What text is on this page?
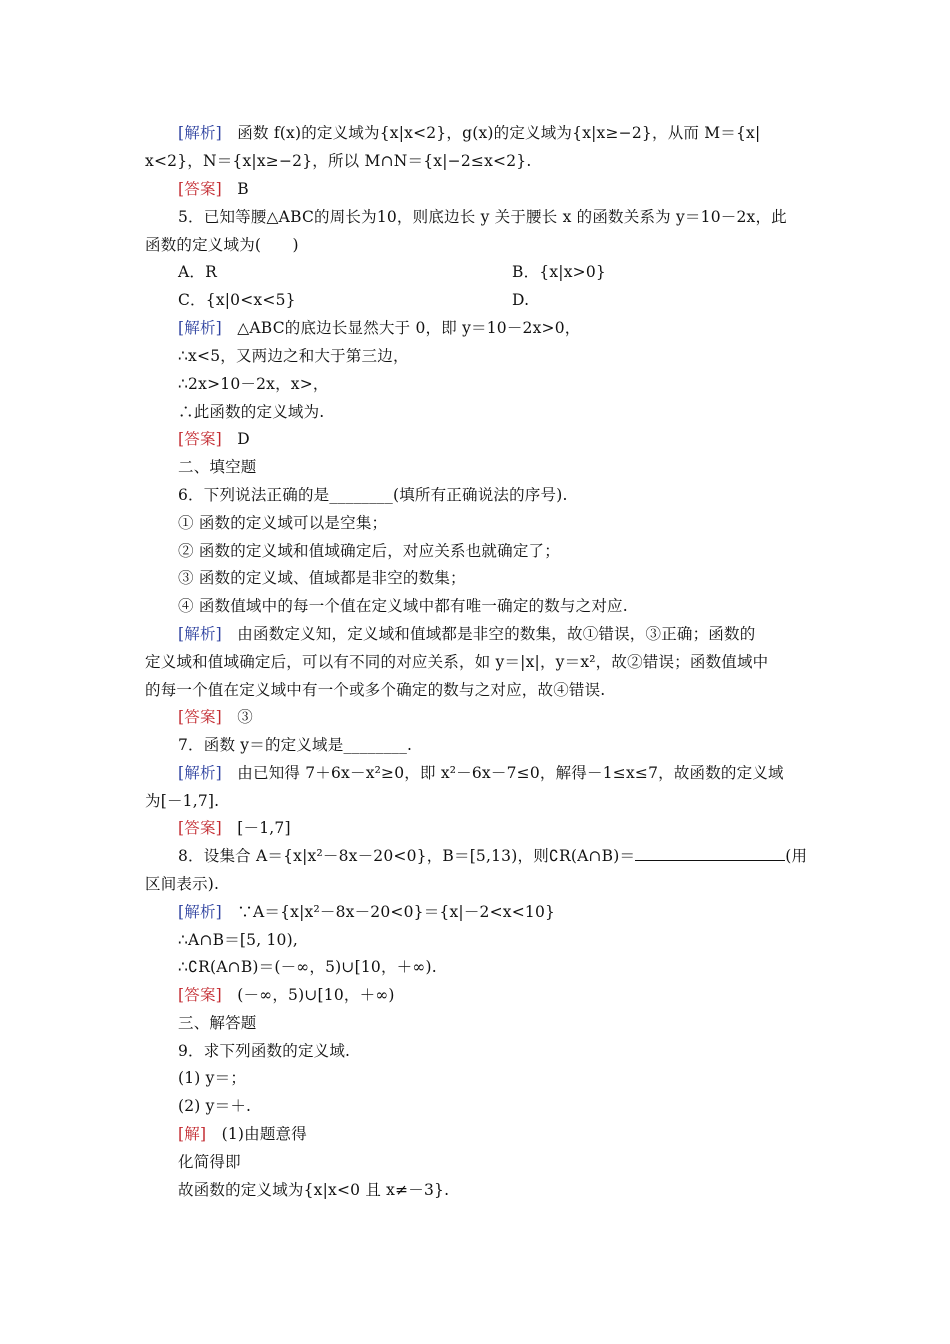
[解析] 函数 f(x)的定义域为{x|x<2}，g(x)的定义域为{x|x≥−2}，从而 M＝{x|
x<2}，N＝{x|x≥−2}，所以 M∩N＝{x|−2≤x<2}.
[答案] B
5．已知等腰△ABC的周长为10，则底边长 y 关于腰长 x 的函数关系为 y＝10－2x，此
函数的定义域为(　　)
A．R	B．{x|x>0}
C．{x|0<x<5}	D.
[解析] △ABC的底边长显然大于 0，即 y＝10－2x>0，
∴x<5，又两边之和大于第三边，
∴2x>10－2x，x>，
∴此函数的定义域为.
[答案] D
二、填空题
6．下列说法正确的是________(填所有正确说法的序号).
① 函数的定义域可以是空集；
② 函数的定义域和值域确定后，对应关系也就确定了；
③ 函数的定义域、值域都是非空的数集；
④ 函数值域中的每一个值在定义域中都有唯一确定的数与之对应.
[解析] 由函数定义知，定义域和值域都是非空的数集，故①错误，③正确；函数的
定义域和值域确定后，可以有不同的对应关系，如 y＝|x|，y＝x²，故②错误；函数值域中
的每一个值在定义域中有一个或多个确定的数与之对应，故④错误.
[答案] ③
7．函数 y＝的定义域是________.
[解析] 由已知得 7＋6x－x²≥0，即 x²－6x－7≤0，解得－1≤x≤7，故函数的定义域
为[－1,7].
[答案] [－1,7]
8．设集合 A＝{x|x²－8x－20<0}，B＝[5,13)，则∁R(A∩B)＝	(用
区间表示).
[解析] ∵A＝{x|x²－8x－20<0}＝{x|－2<x<10}
∴A∩B＝[5, 10),
∴∁R(A∩B)＝(－∞，5)∪[10，＋∞).
[答案] (－∞，5)∪[10，＋∞)
三、解答题
9．求下列函数的定义域.
(1) y＝；
(2) y＝＋.
[解] (1)由题意得
化简得即
故函数的定义域为{x|x<0 且 x≠－3}.
